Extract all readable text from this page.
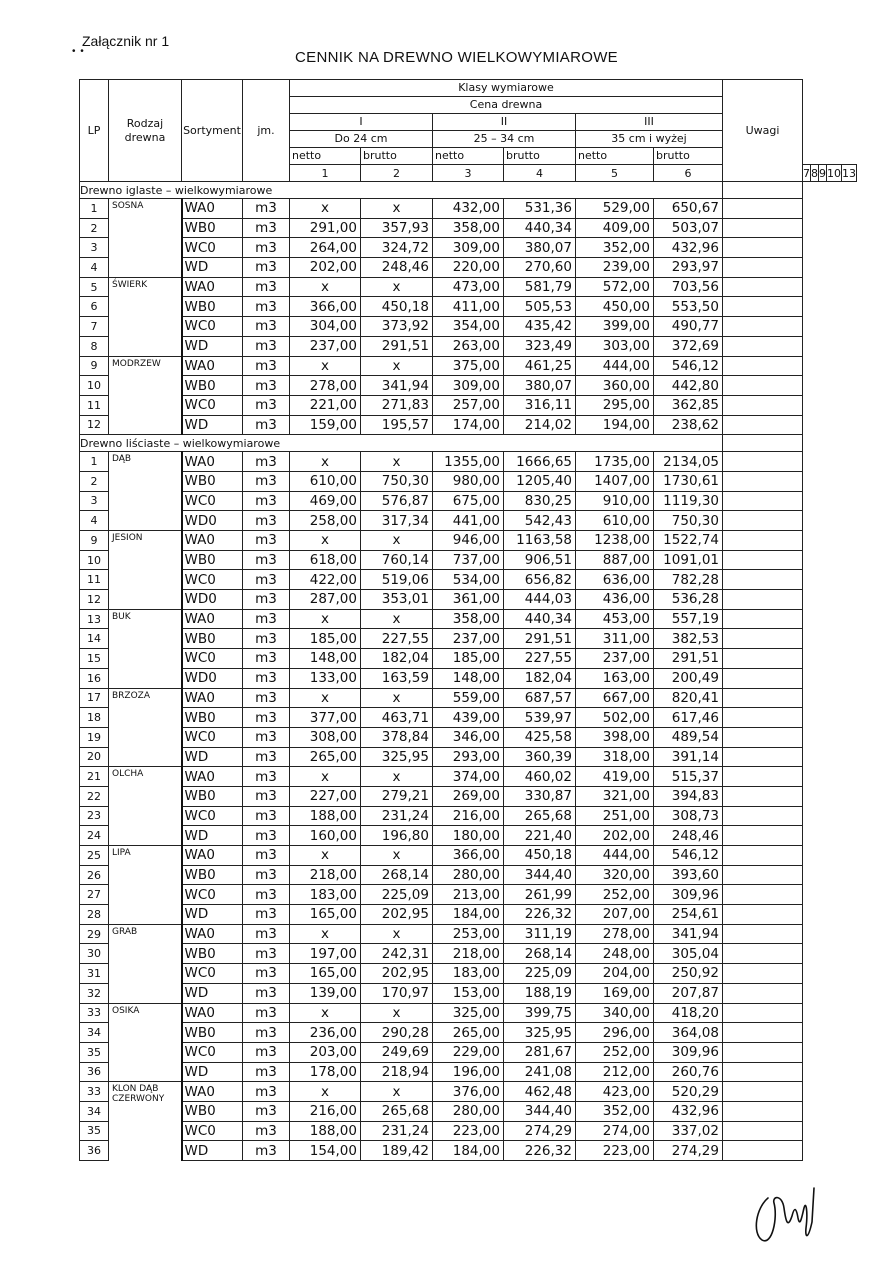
Załącznik nr 1
• •	CENNIK NA DREWNO WIELKOWYMIAROWE
LP	Rodzaj drewna	Sortyment	jm.	Klasy wymiarowe						Uwagi					
				Cena drewna											
				I		II		III							
				Do 24 cm		25 – 34 cm		35 cm i wyżej							
				netto	brutto	netto	brutto	netto	brutto						
				1	2	3	4	5	6		7	8	9	10	13
Drewno iglaste – wielkowymiarowe															
1	SOSNA	WA0	m3	x	x	432,00	531,36	529,00	650,67						
2		WB0	m3	291,00	357,93	358,00	440,34	409,00	503,07						
3		WC0	m3	264,00	324,72	309,00	380,07	352,00	432,96						
4		WD	m3	202,00	248,46	220,00	270,60	239,00	293,97						
5	ŚWIERK	WA0	m3	x	x	473,00	581,79	572,00	703,56						
6		WB0	m3	366,00	450,18	411,00	505,53	450,00	553,50						
7		WC0	m3	304,00	373,92	354,00	435,42	399,00	490,77						
8		WD	m3	237,00	291,51	263,00	323,49	303,00	372,69						
9	MODRZEW	WA0	m3	x	x	375,00	461,25	444,00	546,12						
10		WB0	m3	278,00	341,94	309,00	380,07	360,00	442,80						
11		WC0	m3	221,00	271,83	257,00	316,11	295,00	362,85						
12		WD	m3	159,00	195,57	174,00	214,02	194,00	238,62						
Drewno liściaste – wielkowymiarowe															
1	DĄB	WA0	m3	x	x	1355,00	1666,65	1735,00	2134,05						
2		WB0	m3	610,00	750,30	980,00	1205,40	1407,00	1730,61						
3		WC0	m3	469,00	576,87	675,00	830,25	910,00	1119,30						
4		WD0	m3	258,00	317,34	441,00	542,43	610,00	750,30						
9	JESION	WA0	m3	x	x	946,00	1163,58	1238,00	1522,74						
10		WB0	m3	618,00	760,14	737,00	906,51	887,00	1091,01						
11		WC0	m3	422,00	519,06	534,00	656,82	636,00	782,28						
12		WD0	m3	287,00	353,01	361,00	444,03	436,00	536,28						
13	BUK	WA0	m3	x	x	358,00	440,34	453,00	557,19						
14		WB0	m3	185,00	227,55	237,00	291,51	311,00	382,53						
15		WC0	m3	148,00	182,04	185,00	227,55	237,00	291,51						
16		WD0	m3	133,00	163,59	148,00	182,04	163,00	200,49						
17	BRZOZA	WA0	m3	x	x	559,00	687,57	667,00	820,41						
18		WB0	m3	377,00	463,71	439,00	539,97	502,00	617,46						
19		WC0	m3	308,00	378,84	346,00	425,58	398,00	489,54						
20		WD	m3	265,00	325,95	293,00	360,39	318,00	391,14						
21	OLCHA	WA0	m3	x	x	374,00	460,02	419,00	515,37						
22		WB0	m3	227,00	279,21	269,00	330,87	321,00	394,83						
23		WC0	m3	188,00	231,24	216,00	265,68	251,00	308,73						
24		WD	m3	160,00	196,80	180,00	221,40	202,00	248,46						
25	LIPA	WA0	m3	x	x	366,00	450,18	444,00	546,12						
26		WB0	m3	218,00	268,14	280,00	344,40	320,00	393,60						
27		WC0	m3	183,00	225,09	213,00	261,99	252,00	309,96						
28		WD	m3	165,00	202,95	184,00	226,32	207,00	254,61						
29	GRAB	WA0	m3	x	x	253,00	311,19	278,00	341,94						
30		WB0	m3	197,00	242,31	218,00	268,14	248,00	305,04						
31		WC0	m3	165,00	202,95	183,00	225,09	204,00	250,92						
32		WD	m3	139,00	170,97	153,00	188,19	169,00	207,87						
33	OSIKA	WA0	m3	x	x	325,00	399,75	340,00	418,20						
34		WB0	m3	236,00	290,28	265,00	325,95	296,00	364,08						
35		WC0	m3	203,00	249,69	229,00	281,67	252,00	309,96						
36		WD	m3	178,00	218,94	196,00	241,08	212,00	260,76						
33	KLON DĄB CZERWONY	WA0	m3	x	x	376,00	462,48	423,00	520,29						
34		WB0	m3	216,00	265,68	280,00	344,40	352,00	432,96						
35		WC0	m3	188,00	231,24	223,00	274,29	274,00	337,02						
36		WD	m3	154,00	189,42	184,00	226,32	223,00	274,29						
